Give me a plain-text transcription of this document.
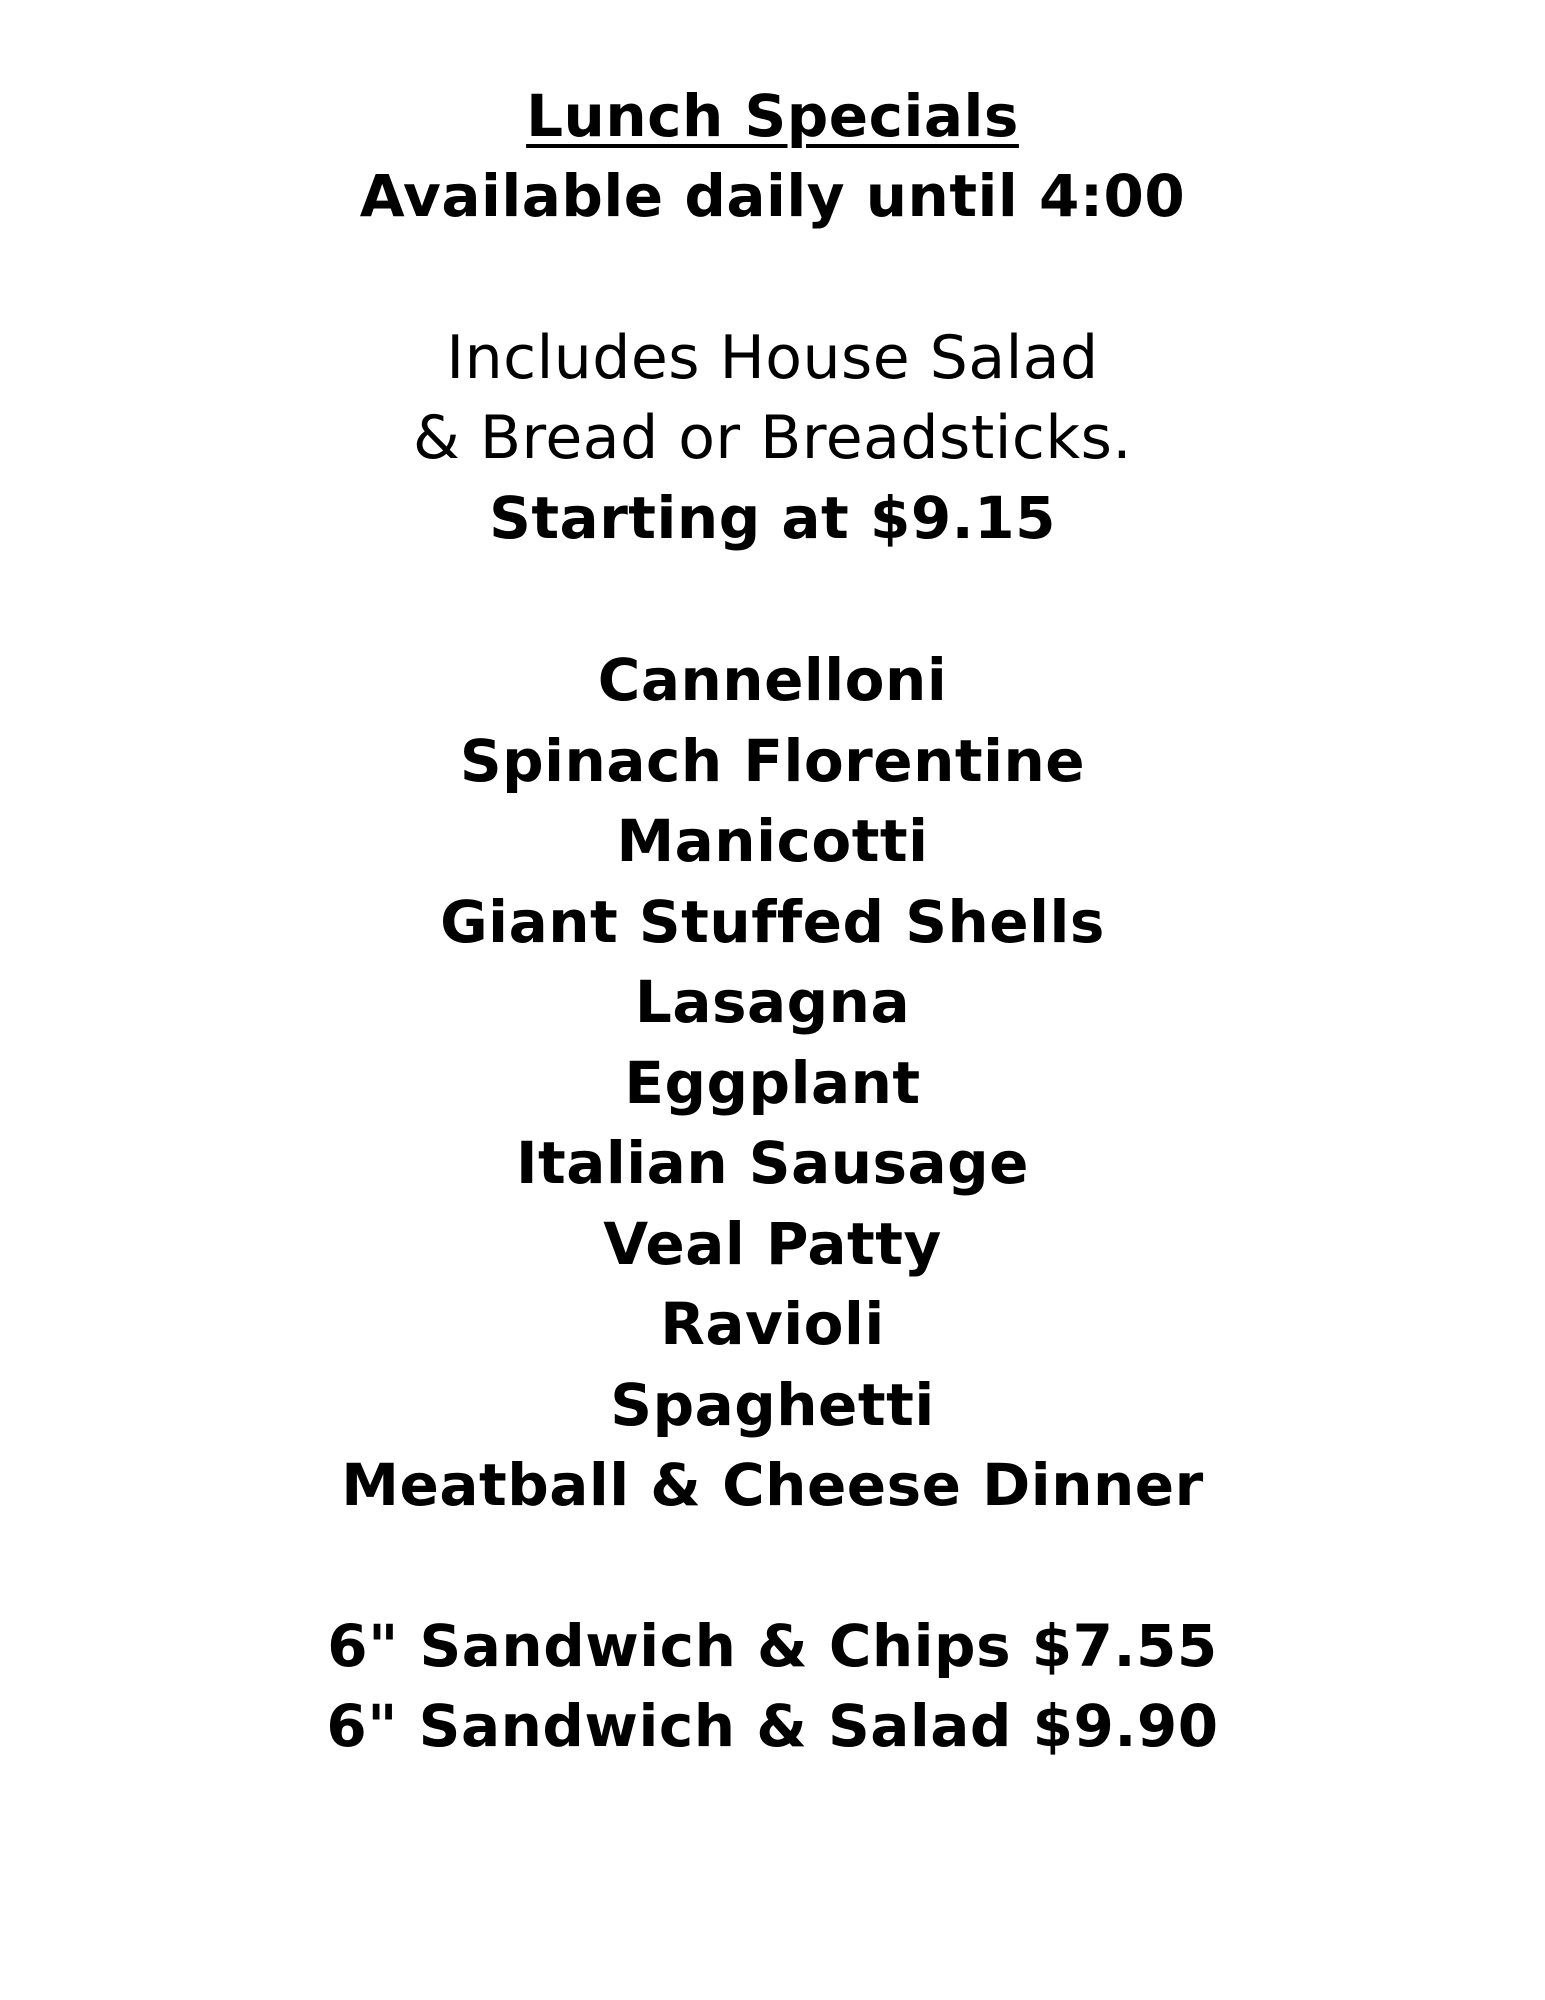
Lunch Specials
Available daily until 4:00
Includes House Salad
& Bread or Breadsticks.
Starting at $9.15
Cannelloni
Spinach Florentine
Manicotti
Giant Stuffed Shells
Lasagna
Eggplant
Italian Sausage
Veal Patty
Ravioli
Spaghetti
Meatball & Cheese Dinner
6" Sandwich & Chips $7.55
6" Sandwich & Salad $9.90
